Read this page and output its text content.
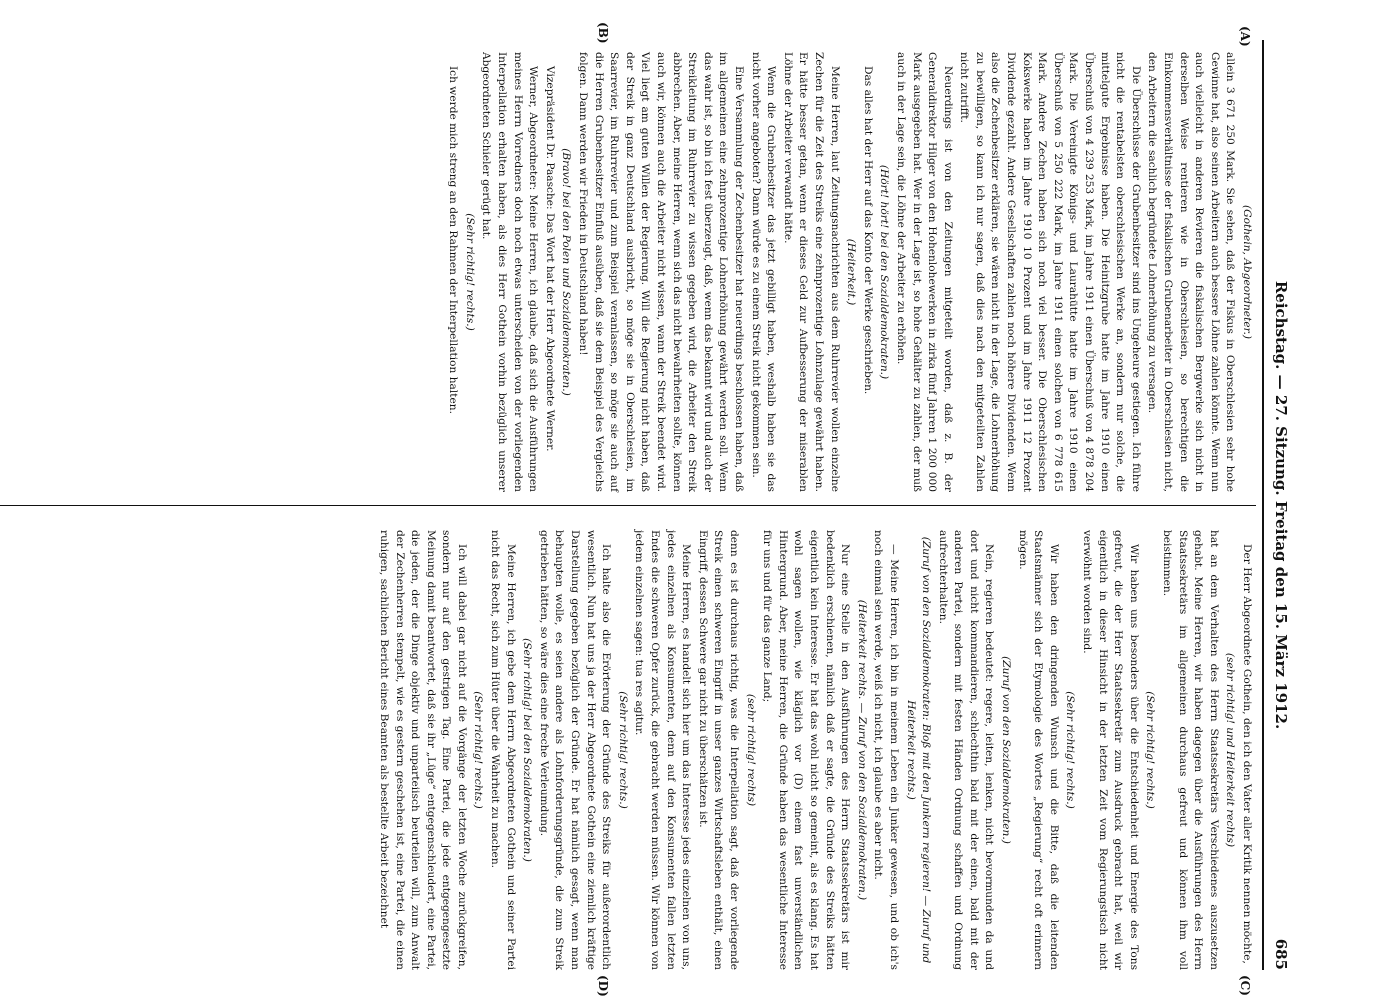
Reichstag. — 27. Sitzung. Freitag den 15. März 1912.
685
(A)
(B)
(C)
(D)

(Gothein, Abgeordneter.)

allein 3 671 250 Mark. Sie sehen, daß der Fiskus in Oberschlesien sehr hohe Gewinne hat, also seinen Arbeitern auch bessere Löhne zahlen könnte. Wenn nun auch vielleicht in anderen Revieren die fiskalischen Bergwerke sich nicht in derselben Weise rentieren wie in Oberschlesien, so berechtigen die Einkommensverhältnisse der fiskalischen Grubenarbeiter in Oberschlesien nicht, den Arbeitern die sachlich begründete Lohnerhöhung zu versagen.

Die Überschüsse der Grubenbesitzer sind ins Ungeheure gestiegen. Ich führe nicht die rentabelsten oberschlesischen Werke an, sondern nur solche, die mittelgute Ergebnisse haben. Die Heinitzgrube hatte im Jahre 1910 einen Überschuß von 4 239 253 Mark, im Jahre 1911 einen Überschuß von 4 878 204 Mark. Die Vereinigte Königs- und Laurahütte hatte im Jahre 1910 einen Überschuß von 5 250 222 Mark, im Jahre 1911 einen solchen von 6 778 615 Mark. Andere Zechen haben sich noch viel besser. Die Oberschlesischen Kokswerke haben im Jahre 1910 10 Prozent und im Jahre 1911 12 Prozent Dividende gezahlt. Andere Gesellschaften zahlen noch höhere Dividenden. Wenn also die Zechenbesitzer erklären, sie wären nicht in der Lage, die Lohnerhöhung zu bewilligen, so kann ich nur sagen, daß dies nach den mitgeteilten Zahlen nicht zutrifft.

Neuerdings ist von den Zeitungen mitgeteilt worden, daß z. B. der Generaldirektor Hilger von den Hohenlohewerken in zirka fünf Jahren 1 200 000 Mark ausgegeben hat. Wer in der Lage ist, so hohe Gehälter zu zahlen, der muß auch in der Lage sein, die Löhne der Arbeiter zu erhöhen.

(Hört! hört! bei den Sozialdemokraten.)

Das alles hat der Herr auf das Konto der Werke geschrieben.

(Heiterkeit.)

Meine Herren, laut Zeitungsnachrichten aus dem Ruhrrevier wollen einzelne Zechen für die Zeit des Streiks eine zehnprozentige Lohnzulage gewährt haben. Er hätte besser getan, wenn er dieses Geld zur Aufbesserung der miserablen Löhne der Arbeiter verwandt hätte.

Wenn die Grubenbesitzer das jetzt gebilligt haben, weshalb haben sie das nicht vorher angeboten? Dann würde es zu einem Streik nicht gekommen sein.

Eine Versammlung der Zechenbesitzer hat neuerdings beschlossen haben, daß im allgemeinen eine zehnprozentige Lohnerhöhung gewährt werden soll. Wenn das wahr ist, so bin ich fest überzeugt, daß, wenn das bekannt wird und auch der Streikleitung im Ruhrrevier zu wissen gegeben wird, die Arbeiter den Streik abbrechen. Aber, meine Herren, wenn sich das nicht bewahrheiten sollte, können auch wir, können auch die Arbeiter nicht wissen, wann der Streik beendet wird. Viel liegt am guten Willen der Regierung. Will die Regierung nicht haben, daß der Streik in ganz Deutschland ausbricht, so möge sie in Oberschlesien, im Saarrevier, im Ruhrrevier und zum Beispiel veranlassen, so möge sie auch auf die Herren Grubenbesitzer Einfluß ausüben, daß sie dem Beispiel des Vergleichs folgen. Dann werden wir Frieden in Deutschland haben!

(Bravo! bei den Polen und Sozialdemokraten.)

Vizepräsident Dr. Paasche: Das Wort hat der Herr Abgeordnete Werner.

Werner, Abgeordneter: Meine Herren, ich glaube, daß sich die Ausführungen meines Herrn Vorredners doch noch etwas unterscheiden von der vorliegenden Interpellation erhalten haben, als dies Herr Gothein vorhin bezüglich unserer Abgeordneten Schieler gerügt hat.

(Sehr richtig! rechts.)

Ich werde mich streng an den Rahmen der Interpellation halten.

Der Herr Abgeordnete Gothein, den ich den Vater aller Kritik nennen möchte,

(sehr richtig! und Heiterkeit rechts)

hat an dem Verhalten des Herrn Staatssekretärs Verschiedenes auszusetzen gehabt. Meine Herren, wir haben dagegen über die Ausführungen des Herrn Staatssekretärs im allgemeinen durchaus gefreut und können ihm voll beistimmen.

(Sehr richtig! rechts.)

Wir haben uns besonders über die Entschiedenheit und Energie des Tons gefreut, die der Herr Staatssekretär zum Ausdruck gebracht hat, weil wir eigentlich in dieser Hinsicht in der letzten Zeit vom Regierungstisch nicht verwöhnt worden sind.

(Sehr richtig! rechts.)

Wir haben den dringenden Wunsch und die Bitte, daß die leitenden Staatsmänner sich der Etymologie des Wortes „Regierung“ recht oft erinnern mögen.

(Zuruf von den Sozialdemokraten.)

Nein, regieren bedeutet: regere, leiten, lenken, nicht bevormunden da und dort und nicht kommandieren, schlechthin bald mit der einen, bald mit der anderen Partei, sondern mit festen Händen Ordnung schaffen und Ordnung aufrechterhalten.

(Zuruf von den Sozialdemokraten: Bloß mit den Junkern regieren! — Zuruf und Heiterkeit rechts.)

— Meine Herren, ich bin in meinem Leben ein Junker gewesen, und ob ich's noch einmal sein werde, weiß ich nicht, ich glaube es aber nicht.

(Heiterkeit rechts. — Zuruf von den Sozialdemokraten.)

Nur eine Stelle in den Ausführungen des Herrn Staatssekretärs ist mir bedenklich erschienen, nämlich daß er sagte, die Gründe des Streiks hätten eigentlich kein Interesse. Er hat das wohl nicht so gemeint, als es klang. Es hat wohl sagen wollen, wie kläglich vor (D) einem fast unverständlichen Hintergrund. Aber, meine Herren, die Gründe haben das wesentliche Interesse für uns und für das ganze Land;

(sehr richtig! rechts)

denn es ist durchaus richtig, was die Interpellation sagt, daß der vorliegende Streik einen schweren Eingriff in unser ganzes Wirtschaftsleben enthält, einen Eingriff, dessen Schwere gar nicht zu überschätzen ist.

Meine Herren, es handelt sich hier um das Interesse jedes einzelnen von uns, jedes einzelnen als Konsumenten, denn auf den Konsumenten fallen letzten Endes die schweren Opfer zurück, die gebracht werden müssen. Wir können von jedem einzelnen sagen: tua res agitur.

(Sehr richtig! rechts.)

Ich halte also die Erörterung der Gründe des Streiks für außerordentlich wesentlich. Nun hat uns ja der Herr Abgeordnete Gothein eine ziemlich kräftige Darstellung gegeben bezüglich der Gründe. Er hat nämlich gesagt, wenn man behaupten wolle, es seien andere als Lohnforderungsgründe, die zum Streik getrieben hätten, so wäre dies eine freche Verleumdung.

(Sehr richtig! bei den Sozialdemokraten.)

Meine Herren, ich gebe dem Herrn Abgeordneten Gothein und seiner Partei nicht das Recht, sich zum Hüter über die Wahrheit zu machen.

(Sehr richtig! rechts.)

Ich will dabei gar nicht auf die Vorgänge der letzten Woche zurückgreifen, sondern nur auf den gestrigen Tag. Eine Partei, die jede entgegengesetzte Meinung damit beantwortet, daß sie ihr „Lüge“ entgegenschleudert, eine Partei, die jeden, der die Dinge objektiv und unparteiisch beurteilen will, zum Anwalt der Zechenherren stempelt, wie es gestern geschehen ist, eine Partei, die einen ruhigen, sachlichen Bericht eines Beamten als bestellte Arbeit bezeichnet
